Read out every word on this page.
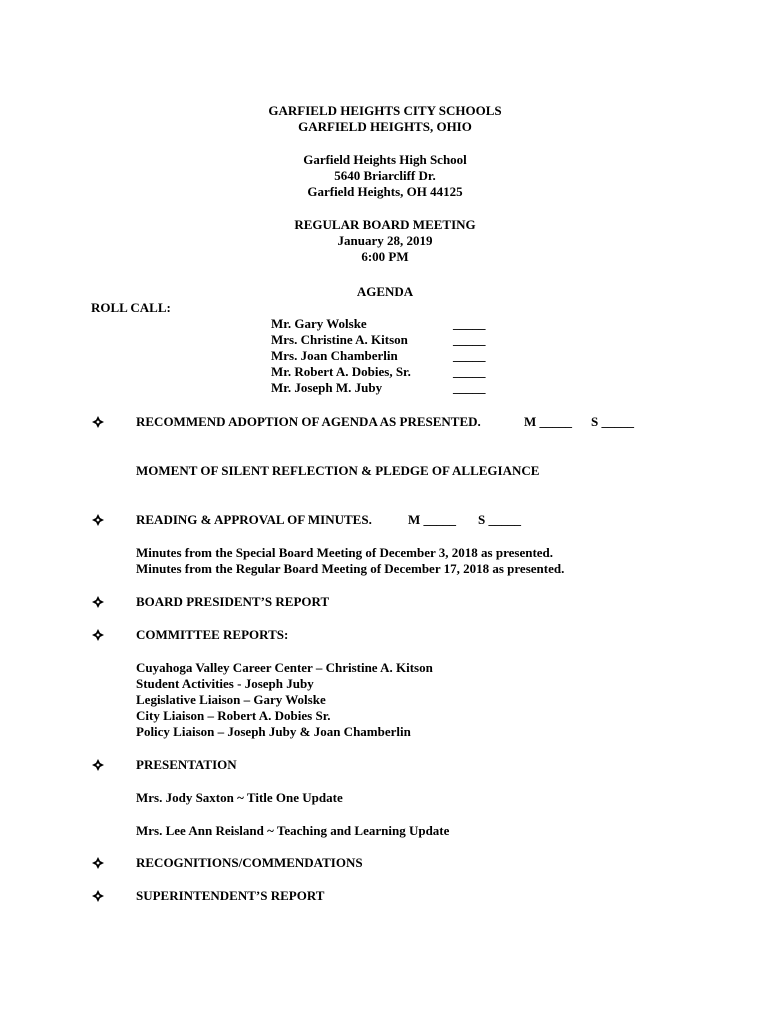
GARFIELD HEIGHTS CITY SCHOOLS
GARFIELD HEIGHTS, OHIO
Garfield Heights High School
5640 Briarcliff Dr.
Garfield Heights, OH 44125
REGULAR BOARD MEETING
January 28, 2019
6:00 PM
AGENDA
ROLL CALL:
Mr. Gary Wolske	_____
Mrs. Christine A. Kitson	_____
Mrs. Joan Chamberlin	_____
Mr. Robert A. Dobies, Sr.	_____
Mr. Joseph M. Juby	_____
RECOMMEND ADOPTION OF AGENDA AS PRESENTED.	M _____ S _____
MOMENT OF SILENT REFLECTION & PLEDGE OF ALLEGIANCE
READING & APPROVAL OF MINUTES.	M _____ S _____
Minutes from the Special Board Meeting of December 3, 2018 as presented.
Minutes from the Regular Board Meeting of December 17, 2018 as presented.
BOARD PRESIDENT’S REPORT
COMMITTEE REPORTS:
Cuyahoga Valley Career Center – Christine A. Kitson
Student Activities - Joseph Juby
Legislative Liaison – Gary Wolske
City Liaison – Robert A. Dobies Sr.
Policy Liaison – Joseph Juby & Joan Chamberlin
PRESENTATION
Mrs. Jody Saxton ~ Title One Update
Mrs. Lee Ann Reisland ~ Teaching and Learning Update
RECOGNITIONS/COMMENDATIONS
SUPERINTENDENT’S REPORT
